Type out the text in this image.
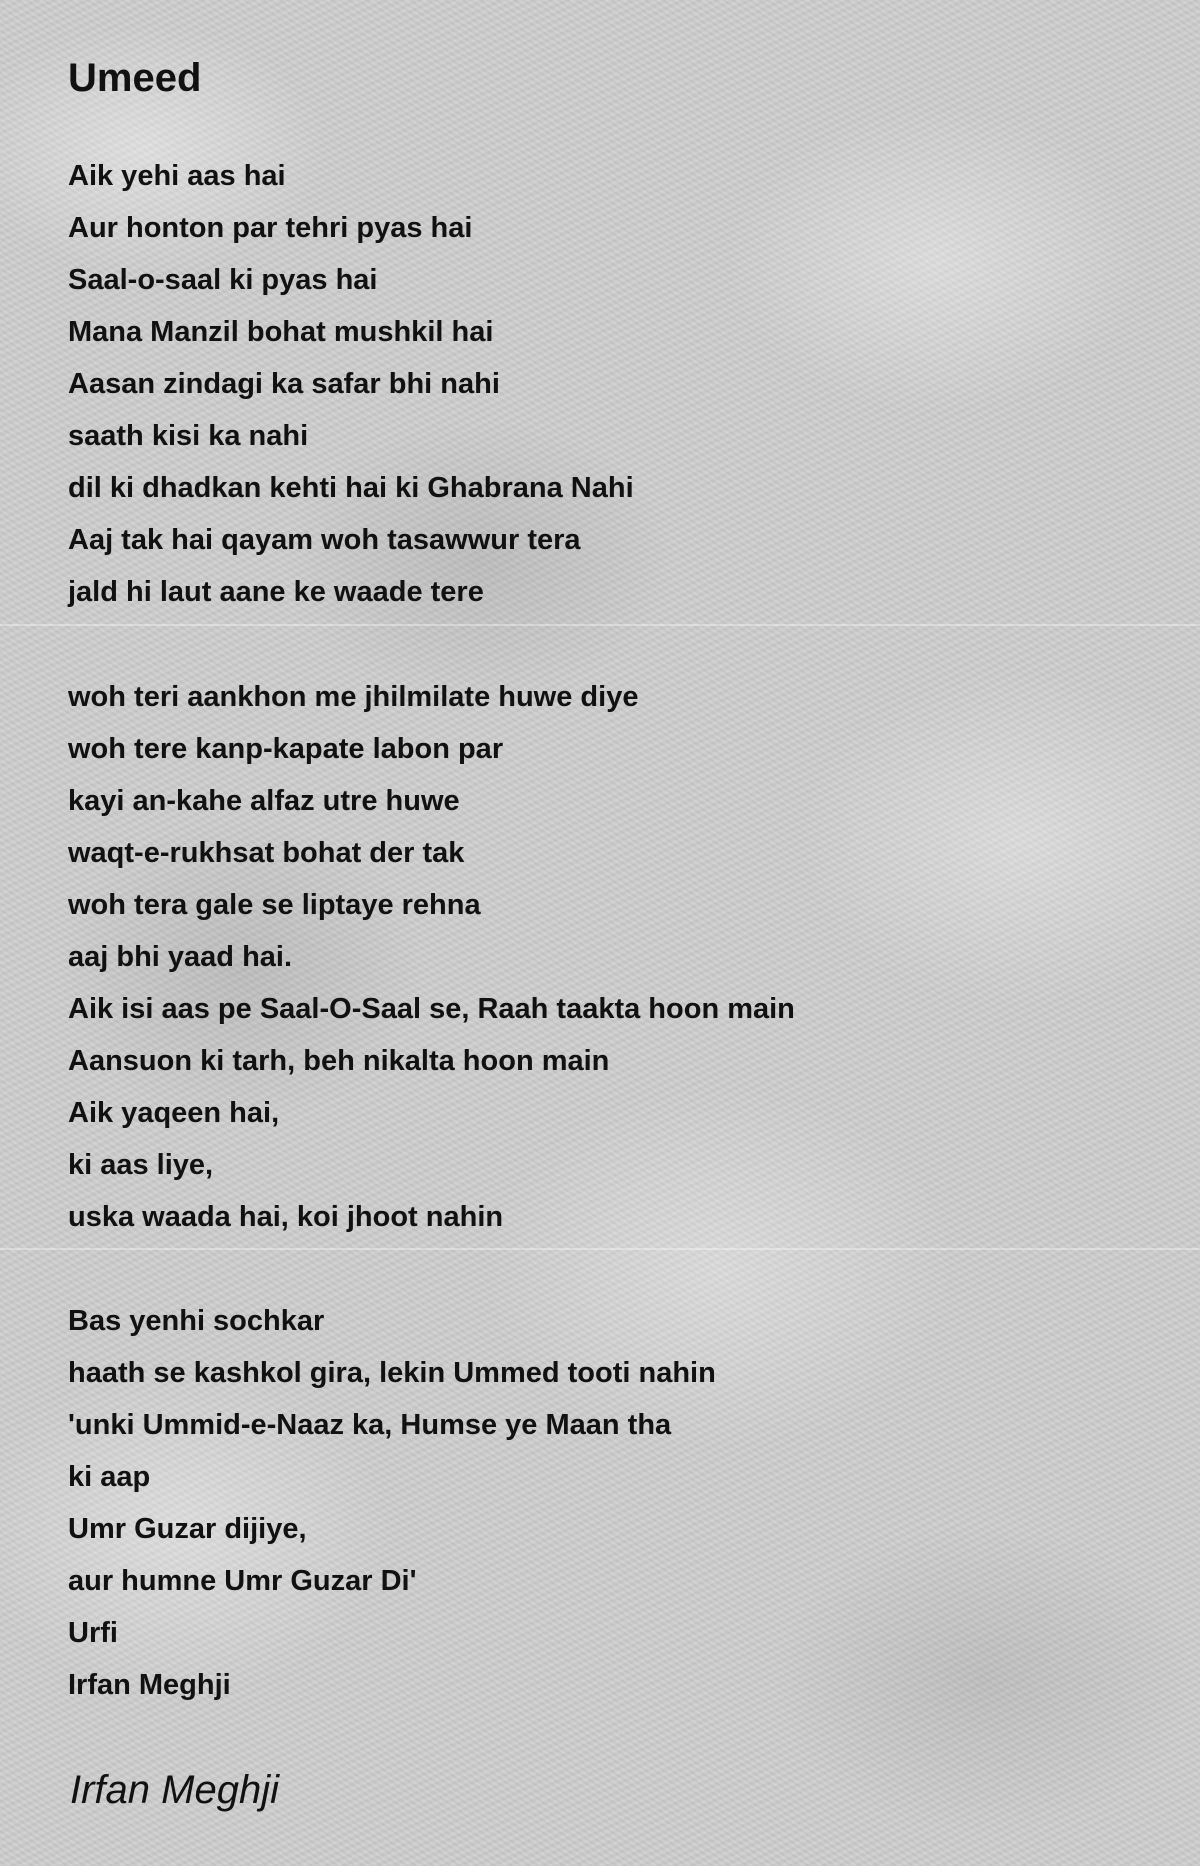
Umeed
Aik yehi aas hai
Aur honton par tehri pyas hai
Saal-o-saal ki pyas hai
Mana Manzil bohat mushkil hai
Aasan zindagi ka safar bhi nahi
saath kisi ka nahi
dil ki dhadkan kehti hai ki Ghabrana Nahi
Aaj tak hai qayam woh tasawwur tera
jald hi laut aane ke waade tere
woh teri aankhon me jhilmilate huwe diye
woh tere kanp-kapate labon par
kayi an-kahe alfaz utre huwe
waqt-e-rukhsat bohat der tak
woh tera gale se liptaye rehna
aaj bhi yaad hai.
Aik isi aas pe Saal-O-Saal se, Raah taakta hoon main
Aansuon ki tarh, beh nikalta hoon main
Aik yaqeen hai,
ki aas liye,
uska waada hai, koi jhoot nahin
Bas yenhi sochkar
haath se kashkol gira, lekin Ummed tooti nahin
'unki Ummid-e-Naaz ka, Humse ye Maan tha
ki aap
Umr Guzar dijiye,
aur humne Umr Guzar Di'
Urfi
Irfan Meghji
Irfan Meghji
